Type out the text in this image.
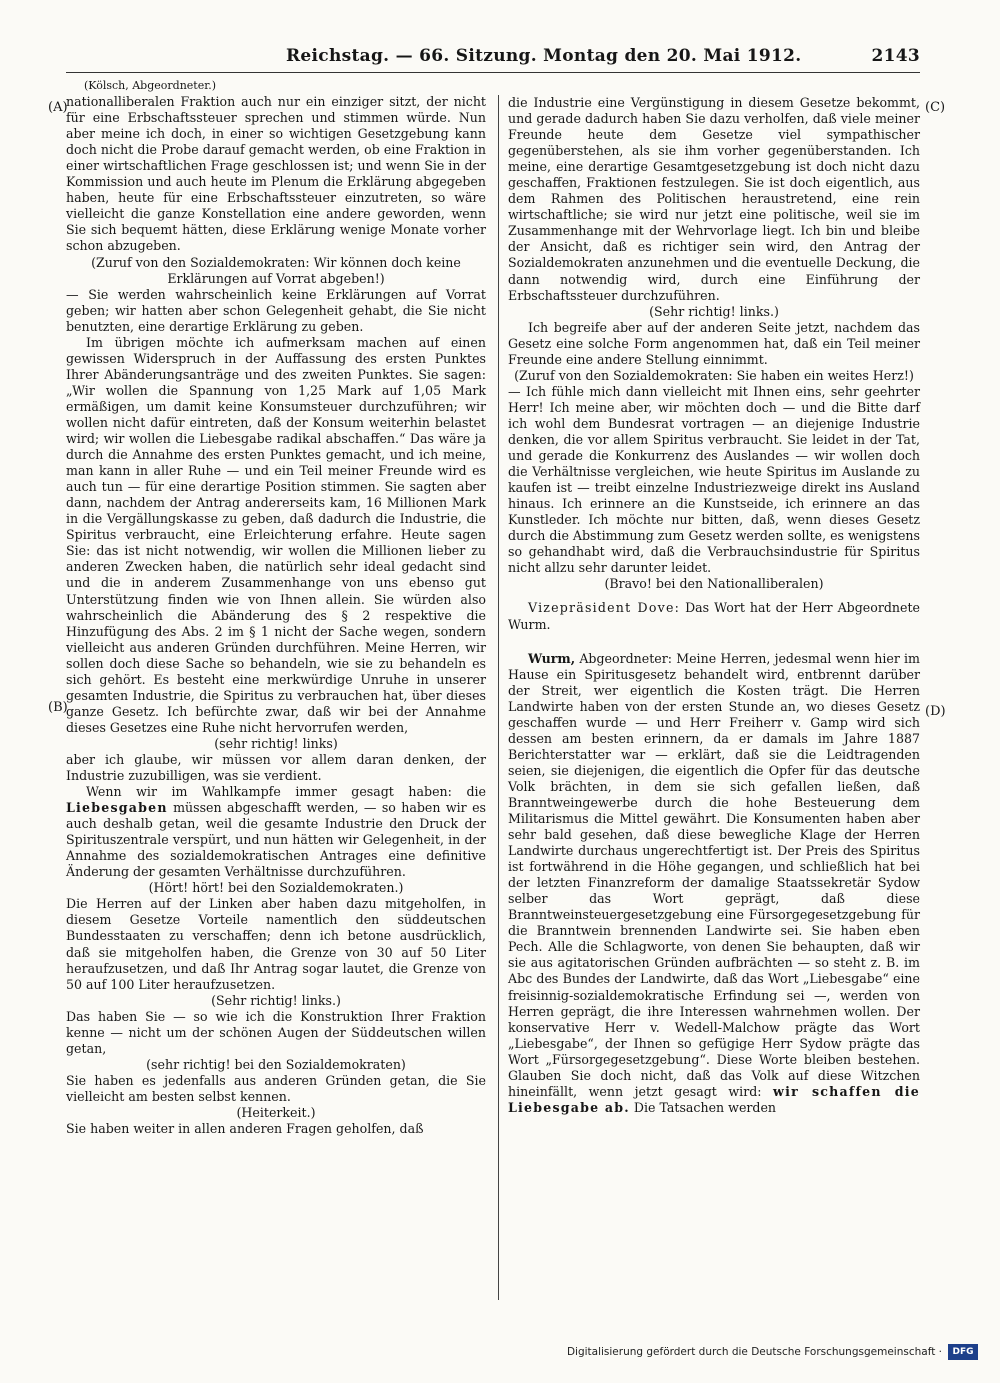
Reichstag. — 66. Sitzung. Montag den 20. Mai 1912.	2143
(A)
(B)
(C)
(D)

(Kölsch, Abgeordneter.)

nationalliberalen Fraktion auch nur ein einziger sitzt, der nicht für eine Erbschaftssteuer sprechen und stimmen würde. Nun aber meine ich doch, in einer so wichtigen Gesetzgebung kann doch nicht die Probe darauf gemacht werden, ob eine Fraktion in einer wirtschaftlichen Frage geschlossen ist; und wenn Sie in der Kommission und auch heute im Plenum die Erklärung abgegeben haben, heute für eine Erbschaftssteuer einzutreten, so wäre vielleicht die ganze Konstellation eine andere geworden, wenn Sie sich bequemt hätten, diese Erklärung wenige Monate vorher schon abzugeben.

(Zuruf von den Sozialdemokraten: Wir können doch keine Erklärungen auf Vorrat abgeben!)

— Sie werden wahrscheinlich keine Erklärungen auf Vorrat geben; wir hatten aber schon Gelegenheit gehabt, die Sie nicht benutzten, eine derartige Erklärung zu geben.

Im übrigen möchte ich aufmerksam machen auf einen gewissen Widerspruch in der Auffassung des ersten Punktes Ihrer Abänderungsanträge und des zweiten Punktes. Sie sagen: „Wir wollen die Spannung von 1,25 Mark auf 1,05 Mark ermäßigen, um damit keine Konsumsteuer durchzuführen; wir wollen nicht dafür eintreten, daß der Konsum weiterhin belastet wird; wir wollen die Liebesgabe radikal abschaffen.“ Das wäre ja durch die Annahme des ersten Punktes gemacht, und ich meine, man kann in aller Ruhe — und ein Teil meiner Freunde wird es auch tun — für eine derartige Position stimmen. Sie sagten aber dann, nachdem der Antrag andererseits kam, 16 Millionen Mark in die Vergällungskasse zu geben, daß dadurch die Industrie, die Spiritus verbraucht, eine Erleichterung erfahre. Heute sagen Sie: das ist nicht notwendig, wir wollen die Millionen lieber zu anderen Zwecken haben, die natürlich sehr ideal gedacht sind und die in anderem Zusammenhange von uns ebenso gut Unterstützung finden wie von Ihnen allein. Sie würden also wahrscheinlich die Abänderung des § 2 respektive die Hinzufügung des Abs. 2 im § 1 nicht der Sache wegen, sondern vielleicht aus anderen Gründen durchführen. Meine Herren, wir sollen doch diese Sache so behandeln, wie sie zu behandeln es sich gehört. Es besteht eine merkwürdige Unruhe in unserer gesamten Industrie, die Spiritus zu verbrauchen hat, über dieses ganze Gesetz. Ich befürchte zwar, daß wir bei der Annahme dieses Gesetzes eine Ruhe nicht hervorrufen werden,

(sehr richtig! links)

aber ich glaube, wir müssen vor allem daran denken, der Industrie zuzubilligen, was sie verdient.

Wenn wir im Wahlkampfe immer gesagt haben: die Liebesgaben müssen abgeschafft werden, — so haben wir es auch deshalb getan, weil die gesamte Industrie den Druck der Spirituszentrale verspürt, und nun hätten wir Gelegenheit, in der Annahme des sozialdemokratischen Antrages eine definitive Änderung der gesamten Verhältnisse durchzuführen.

(Hört! hört! bei den Sozialdemokraten.)

Die Herren auf der Linken aber haben dazu mitgeholfen, in diesem Gesetze Vorteile namentlich den süddeutschen Bundesstaaten zu verschaffen; denn ich betone ausdrücklich, daß sie mitgeholfen haben, die Grenze von 30 auf 50 Liter heraufzusetzen, und daß Ihr Antrag sogar lautet, die Grenze von 50 auf 100 Liter heraufzusetzen.

(Sehr richtig! links.)

Das haben Sie — so wie ich die Konstruktion Ihrer Fraktion kenne — nicht um der schönen Augen der Süddeutschen willen getan,

(sehr richtig! bei den Sozialdemokraten)

Sie haben es jedenfalls aus anderen Gründen getan, die Sie vielleicht am besten selbst kennen.

(Heiterkeit.)

Sie haben weiter in allen anderen Fragen geholfen, daß

die Industrie eine Vergünstigung in diesem Gesetze bekommt, und gerade dadurch haben Sie dazu verholfen, daß viele meiner Freunde heute dem Gesetze viel sympathischer gegenüberstehen, als sie ihm vorher gegenüberstanden. Ich meine, eine derartige Gesamtgesetzgebung ist doch nicht dazu geschaffen, Fraktionen festzulegen. Sie ist doch eigentlich, aus dem Rahmen des Politischen heraustretend, eine rein wirtschaftliche; sie wird nur jetzt eine politische, weil sie im Zusammenhange mit der Wehrvorlage liegt. Ich bin und bleibe der Ansicht, daß es richtiger sein wird, den Antrag der Sozialdemokraten anzunehmen und die eventuelle Deckung, die dann notwendig wird, durch eine Einführung der Erbschaftssteuer durchzuführen.

(Sehr richtig! links.)

Ich begreife aber auf der anderen Seite jetzt, nachdem das Gesetz eine solche Form angenommen hat, daß ein Teil meiner Freunde eine andere Stellung einnimmt.

(Zuruf von den Sozialdemokraten: Sie haben ein weites Herz!)

— Ich fühle mich dann vielleicht mit Ihnen eins, sehr geehrter Herr! Ich meine aber, wir möchten doch — und die Bitte darf ich wohl dem Bundesrat vortragen — an diejenige Industrie denken, die vor allem Spiritus verbraucht. Sie leidet in der Tat, und gerade die Konkurrenz des Auslandes — wir wollen doch die Verhältnisse vergleichen, wie heute Spiritus im Auslande zu kaufen ist — treibt einzelne Industriezweige direkt ins Ausland hinaus. Ich erinnere an die Kunstseide, ich erinnere an das Kunstleder. Ich möchte nur bitten, daß, wenn dieses Gesetz durch die Abstimmung zum Gesetz werden sollte, es wenigstens so gehandhabt wird, daß die Verbrauchsindustrie für Spiritus nicht allzu sehr darunter leidet.

(Bravo! bei den Nationalliberalen)

Vizepräsident Dove: Das Wort hat der Herr Abgeordnete Wurm.

Wurm, Abgeordneter: Meine Herren, jedesmal wenn hier im Hause ein Spiritusgesetz behandelt wird, entbrennt darüber der Streit, wer eigentlich die Kosten trägt. Die Herren Landwirte haben von der ersten Stunde an, wo dieses Gesetz geschaffen wurde — und Herr Freiherr v. Gamp wird sich dessen am besten erinnern, da er damals im Jahre 1887 Berichterstatter war — erklärt, daß sie die Leidtragenden seien, sie diejenigen, die eigentlich die Opfer für das deutsche Volk brächten, in dem sie sich gefallen ließen, daß Branntweingewerbe durch die hohe Besteuerung dem Militarismus die Mittel gewährt. Die Konsumenten haben aber sehr bald gesehen, daß diese bewegliche Klage der Herren Landwirte durchaus ungerechtfertigt ist. Der Preis des Spiritus ist fortwährend in die Höhe gegangen, und schließlich hat bei der letzten Finanzreform der damalige Staatssekretär Sydow selber das Wort geprägt, daß diese Branntweinsteuergesetzgebung eine Fürsorgegesetzgebung für die Branntwein brennenden Landwirte sei. Sie haben eben Pech. Alle die Schlagworte, von denen Sie behaupten, daß wir sie aus agitatorischen Gründen aufbrächten — so steht z. B. im Abc des Bundes der Landwirte, daß das Wort „Liebesgabe“ eine freisinnig-sozialdemokratische Erfindung sei —, werden von Herren geprägt, die ihre Interessen wahrnehmen wollen. Der konservative Herr v. Wedell-Malchow prägte das Wort „Liebesgabe“, der Ihnen so gefügige Herr Sydow prägte das Wort „Fürsorgegesetzgebung“. Diese Worte bleiben bestehen. Glauben Sie doch nicht, daß das Volk auf diese Witzchen hineinfällt, wenn jetzt gesagt wird: wir schaffen die Liebesgabe ab. Die Tatsachen werden

Digitalisierung gefördert durch die Deutsche Forschungsgemeinschaft ·	DFG
